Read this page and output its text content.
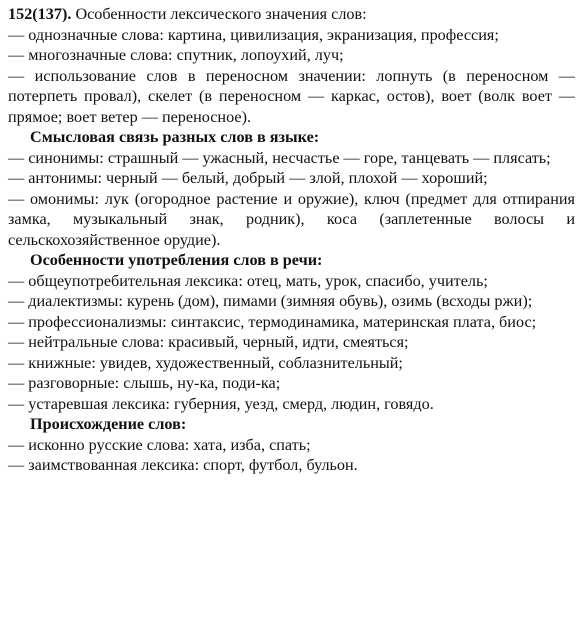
152(137). Особенности лексического значения слов:

— однозначные слова: картина, цивилизация, экранизация, профессия;

— многозначные слова: спутник, лопоухий, луч;

— использование слов в переносном значении: лопнуть (в переносном — потерпеть провал), скелет (в переносном — каркас, остов), воет (волк воет — прямое; воет ветер — переносное).

Смысловая связь разных слов в языке:

— синонимы: страшный — ужасный, несчастье — горе, танцевать — плясать;

— антонимы: черный — белый, добрый — злой, плохой — хороший;

— омонимы: лук (огородное растение и оружие), ключ (предмет для отпирания замка, музыкальный знак, родник), коса (заплетенные волосы и сельскохозяйственное орудие).

Особенности употребления слов в речи:

— общеупотребительная лексика: отец, мать, урок, спасибо, учитель;

— диалектизмы: курень (дом), пимами (зимняя обувь), озимь (всходы ржи);

— профессионализмы: синтаксис, термодинамика, материнская плата, биос;

— нейтральные слова: красивый, черный, идти, смеяться;

— книжные: увидев, художественный, соблазнительный;

— разговорные: слышь, ну-ка, поди-ка;

— устаревшая лексика: губерния, уезд, смерд, людин, говядо.

Происхождение слов:

— исконно русские слова: хата, изба, спать;

— заимствованная лексика: спорт, футбол, бульон.
